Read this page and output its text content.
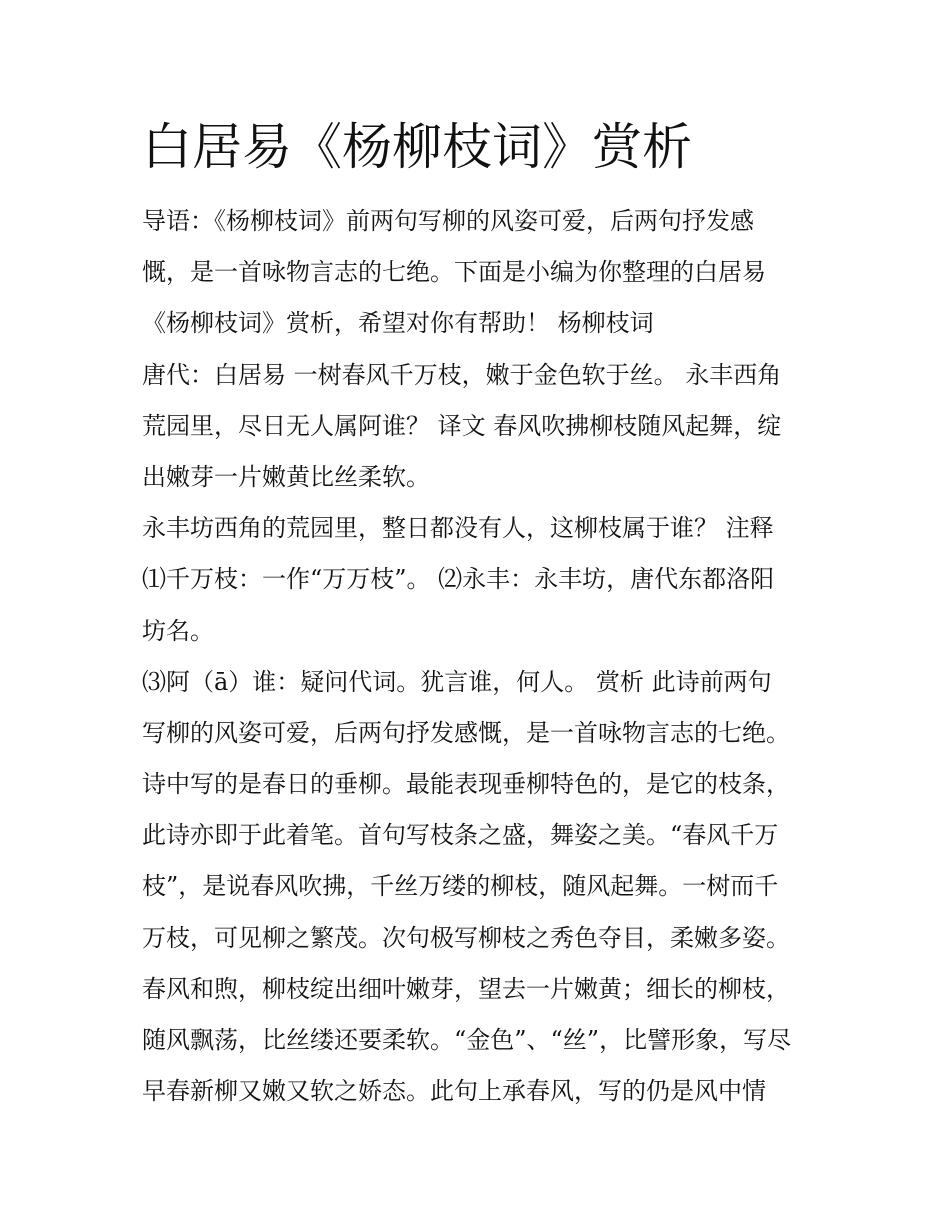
白居易《杨柳枝词》赏析

导语：《杨柳枝词》前两句写柳的风姿可爱，后两句抒发感

慨，是一首咏物言志的七绝。下面是小编为你整理的白居易

《杨柳枝词》赏析，希望对你有帮助！ 杨柳枝词

唐代：白居易 一树春风千万枝，嫩于金色软于丝。 永丰西角

荒园里，尽日无人属阿谁？ 译文 春风吹拂柳枝随风起舞，绽

出嫩芽一片嫩黄比丝柔软。

永丰坊西角的荒园里，整日都没有人，这柳枝属于谁？ 注释

⑴千万枝：一作“万万枝”。 ⑵永丰：永丰坊，唐代东都洛阳

坊名。

⑶阿（ā）谁：疑问代词。犹言谁，何人。 赏析 此诗前两句

写柳的风姿可爱，后两句抒发感慨，是一首咏物言志的七绝。

诗中写的是春日的垂柳。最能表现垂柳特色的，是它的枝条，

此诗亦即于此着笔。首句写枝条之盛，舞姿之美。“春风千万

枝”，是说春风吹拂，千丝万缕的柳枝，随风起舞。一树而千

万枝，可见柳之繁茂。次句极写柳枝之秀色夺目，柔嫩多姿。

春风和煦，柳枝绽出细叶嫩芽，望去一片嫩黄；细长的柳枝，

随风飘荡，比丝缕还要柔软。“金色”、“丝”，比譬形象，写尽

早春新柳又嫩又软之娇态。此句上承春风，写的仍是风中情
